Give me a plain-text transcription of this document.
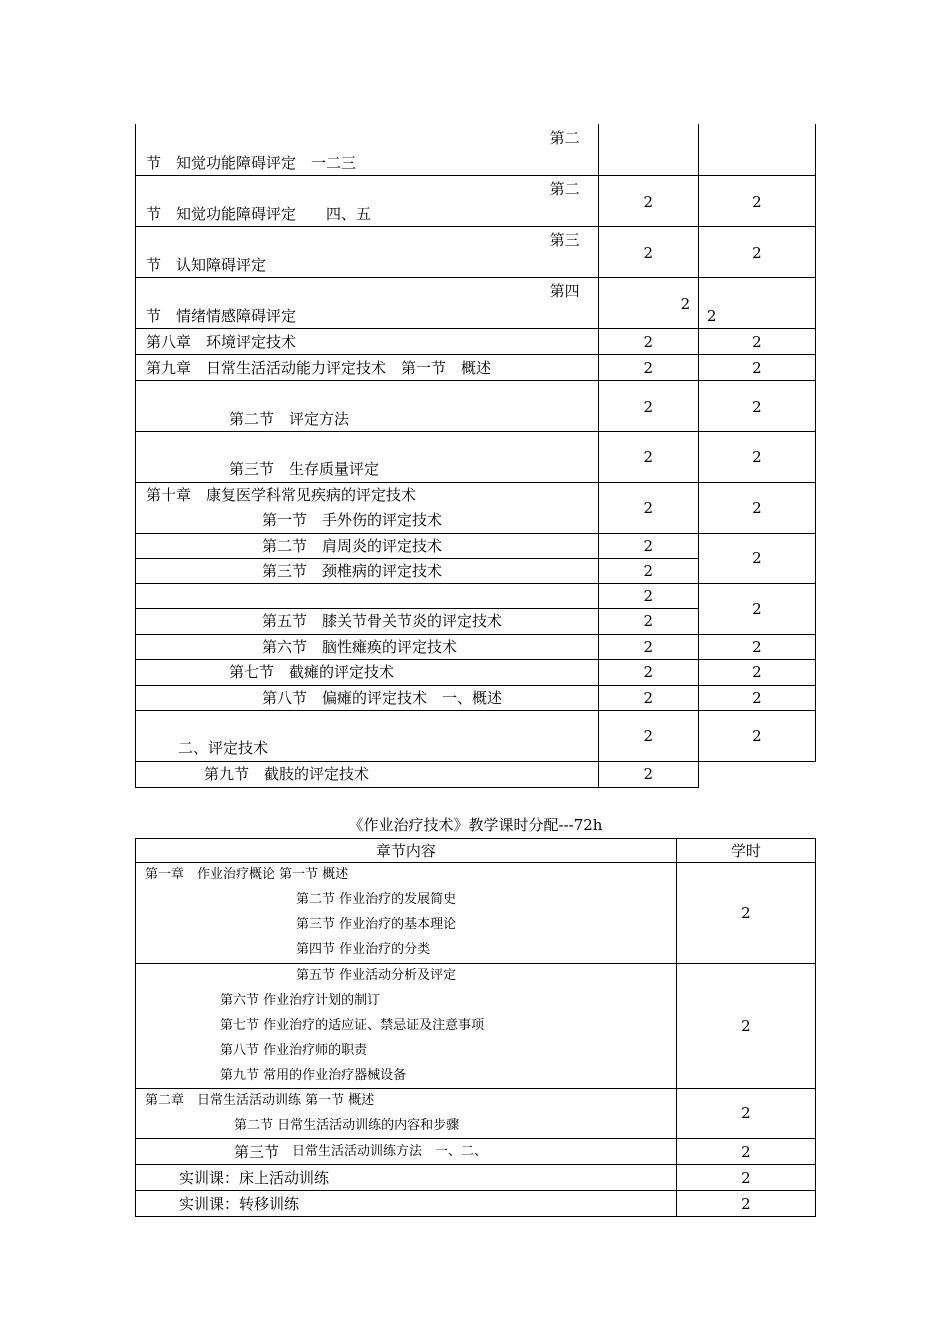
第二
节　知觉功能障碍评定　一二三		

第二
节　知觉功能障碍评定　　四、五	2	2

第三
节　认知障碍评定	2	2

第四
节　情绪情感障碍评定	2	2

第八章　环境评定技术	2	2

第九章　日常生活活动能力评定技术　第一节　概述	2	2

第二节　评定方法	2	2

第三节　生存质量评定	2	2

第十章　康复医学科常见疾病的评定技术
第一节　手外伤的评定技术	2	2

第二节　肩周炎的评定技术	2	2

第三节　颈椎病的评定技术	2	

	2	2

第五节　膝关节骨关节炎的评定技术	2	

第六节　脑性瘫痪的评定技术	2	2

第七节　截瘫的评定技术	2	2

第八节　偏瘫的评定技术　一、概述	2	2

二、评定技术	2	2

第九节　截肢的评定技术	2	

《作业治疗技术》教学课时分配---72h
章节内容	学时

第一章　作业治疗概论 第一节 概述
第二节 作业治疗的发展简史
第三节 作业治疗的基本理论
第四节 作业治疗的分类	2

第五节 作业活动分析及评定
第六节 作业治疗计划的制订
第七节 作业治疗的适应证、禁忌证及注意事项
第八节 作业治疗师的职责
第九节 常用的作业治疗器械设备	2

第二章　日常生活活动训练 第一节 概述
第二节 日常生活活动训练的内容和步骤	2

第三节 日常生活活动训练方法　一、二、	2

实训课：床上活动训练	2

实训课：转移训练	2
